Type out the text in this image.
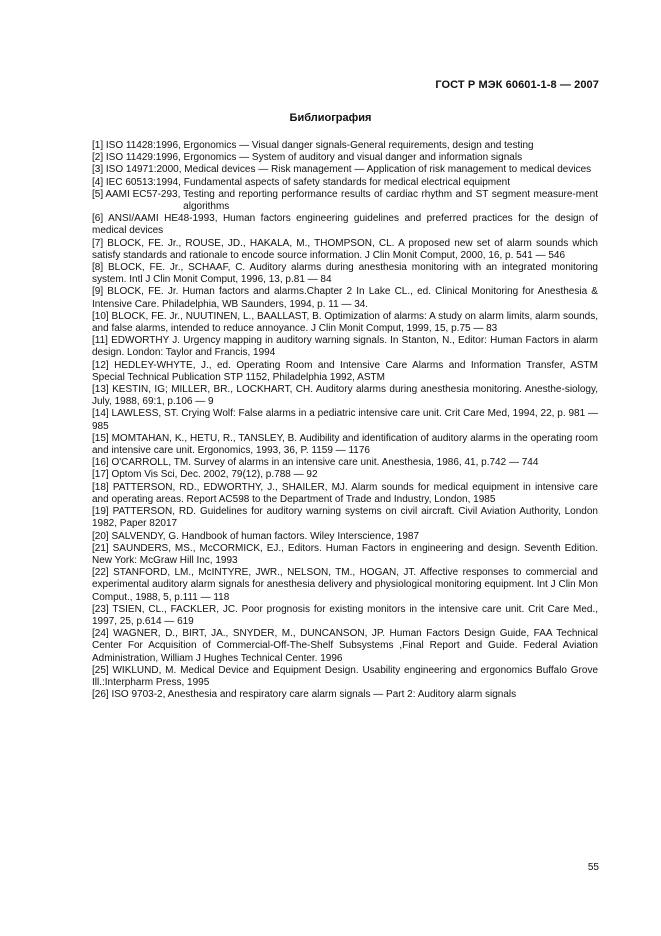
ГОСТ Р МЭК 60601-1-8 — 2007
Библиография

[1] ISO 11428:1996, Ergonomics — Visual danger signals-General requirements, design and testing

[2] ISO 11429:1996, Ergonomics — System of auditory and visual danger and information signals

[3] ISO 14971:2000, Medical devices — Risk management — Application of risk management to medical devices

[4] IEC 60513:1994, Fundamental aspects of safety standards for medical electrical equipment

[5] AAMI EC57-293, Testing and reporting performance results of cardiac rhythm and ST segment measure-ment algorithms

[6] ANSI/AAMI HE48-1993, Human factors engineering guidelines and preferred practices for the design of medical devices

[7] BLOCK, FE. Jr., ROUSE, JD., HAKALA, M., THOMPSON, CL. A proposed new set of alarm sounds which satisfy standards and rationale to encode source information. J Clin Monit Comput, 2000, 16, p. 541 — 546

[8] BLOCK, FE. Jr., SCHAAF, C. Auditory alarms during anesthesia monitoring with an integrated monitoring system. Intl J Clin Monit Comput, 1996, 13, p.81 — 84

[9] BLOCK, FE. Jr. Human factors and alarms.Chapter 2 In Lake CL., ed. Clinical Monitoring for Anesthesia & Intensive Care. Philadelphia, WB Saunders, 1994, p. 11 — 34.

[10] BLOCK, FE. Jr., NUUTINEN, L., BAALLAST, B. Optimization of alarms: A study on alarm limits, alarm sounds, and false alarms, intended to reduce annoyance. J Clin Monit Comput, 1999, 15, p.75 — 83

[11] EDWORTHY J. Urgency mapping in auditory warning signals. In Stanton, N., Editor: Human Factors in alarm design. London: Taylor and Francis, 1994

[12] HEDLEY-WHYTE, J., ed. Operating Room and Intensive Care Alarms and Information Transfer, ASTM Special Technical Publication STP 1152, Philadelphia 1992, ASTM

[13] KESTIN, IG; MILLER, BR., LOCKHART, CH. Auditory alarms during anesthesia monitoring. Anesthe-siology, July, 1988, 69:1, p.106 — 9

[14] LAWLESS, ST. Crying Wolf: False alarms in a pediatric intensive care unit. Crit Care Med, 1994, 22, p. 981 — 985

[15] MOMTAHAN, K., HETU, R., TANSLEY, B. Audibility and identification of auditory alarms in the operating room and intensive care unit. Ergonomics, 1993, 36, P. 1159 — 1176

[16] O'CARROLL, TM. Survey of alarms in an intensive care unit. Anesthesia, 1986, 41, p.742 — 744

[17] Optom Vis Sci, Dec. 2002, 79(12), p.788 — 92

[18] PATTERSON, RD., EDWORTHY, J., SHAILER, MJ. Alarm sounds for medical equipment in intensive care and operating areas. Report AC598 to the Department of Trade and Industry, London, 1985

[19] PATTERSON, RD. Guidelines for auditory warning systems on civil aircraft. Civil Aviation Authority, London 1982, Paper 82017

[20] SALVENDY, G. Handbook of human factors. Wiley Interscience, 1987

[21] SAUNDERS, MS., McCORMICK, EJ., Editors. Human Factors in engineering and design. Seventh Edition. New York: McGraw Hill Inc, 1993

[22] STANFORD, LM., McINTYRE, JWR., NELSON, TM., HOGAN, JT. Affective responses to commercial and experimental auditory alarm signals for anesthesia delivery and physiological monitoring equipment. Int J Clin Mon Comput., 1988, 5, p.111 — 118

[23] TSIEN, CL., FACKLER, JC. Poor prognosis for existing monitors in the intensive care unit. Crit Care Med., 1997, 25, p.614 — 619

[24] WAGNER, D., BIRT, JA., SNYDER, M., DUNCANSON, JP. Human Factors Design Guide, FAA Technical Center For Acquisition of Commercial-Off-The-Shelf Subsystems ,Final Report and Guide. Federal Aviation Administration, William J Hughes Technical Center. 1996

[25] WIKLUND, M. Medical Device and Equipment Design. Usability engineering and ergonomics Buffalo Grove Ill.:Interpharm Press, 1995

[26] ISO 9703-2, Anesthesia and respiratory care alarm signals — Part 2: Auditory alarm signals

55
